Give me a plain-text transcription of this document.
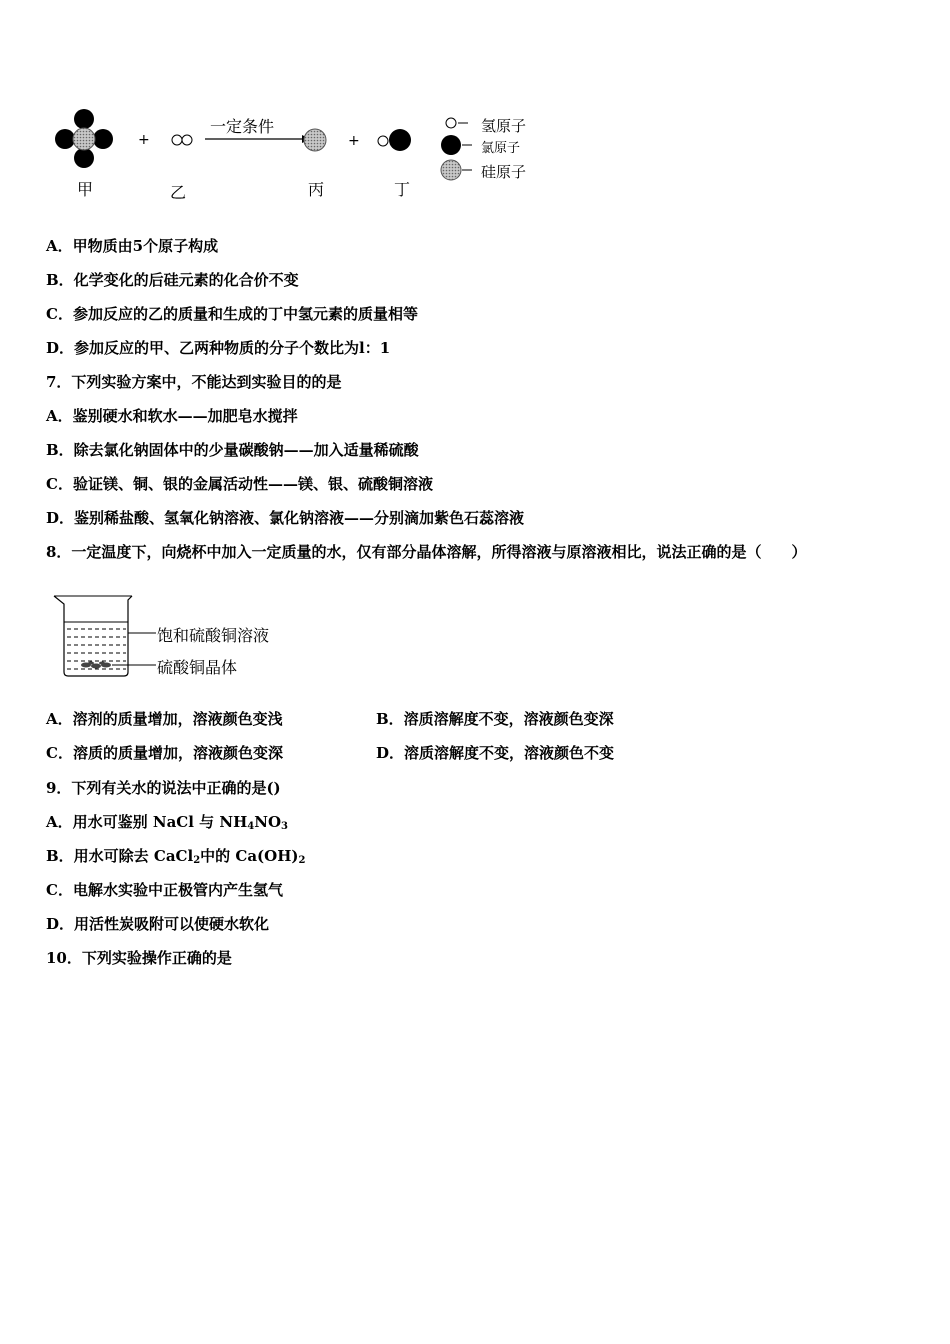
+
一定条件
+
氢原子
氯原子
硅原子
甲	乙	丙	丁
A．甲物质由5个原子构成
B．化学变化的后硅元素的化合价不变
C．参加反应的乙的质量和生成的丁中氢元素的质量相等
D．参加反应的甲、乙两种物质的分子个数比为l：1
7．下列实验方案中，不能达到实验目的的是
A．鉴别硬水和软水——加肥皂水搅拌
B．除去氯化钠固体中的少量碳酸钠——加入适量稀硫酸
C．验证镁、铜、银的金属活动性——镁、银、硫酸铜溶液
D．鉴别稀盐酸、氢氧化钠溶液、氯化钠溶液——分别滴加紫色石蕊溶液
8．一定温度下，向烧杯中加入一定质量的水，仅有部分晶体溶解，所得溶液与原溶液相比，说法正确的是（　　）
饱和硫酸铜溶液
硫酸铜晶体
A．溶剂的质量增加，溶液颜色变浅	B．溶质溶解度不变，溶液颜色变深
C．溶质的质量增加，溶液颜色变深	D．溶质溶解度不变，溶液颜色不变
9．下列有关水的说法中正确的是()
A．用水可鉴别 NaCl 与 $NH_4NO_3$
B．用水可除去 CaCl$_2$中的 $Ca(OH)_2$
C．电解水实验中正极管内产生氢气
D．用活性炭吸附可以使硬水软化
10．下列实验操作正确的是
